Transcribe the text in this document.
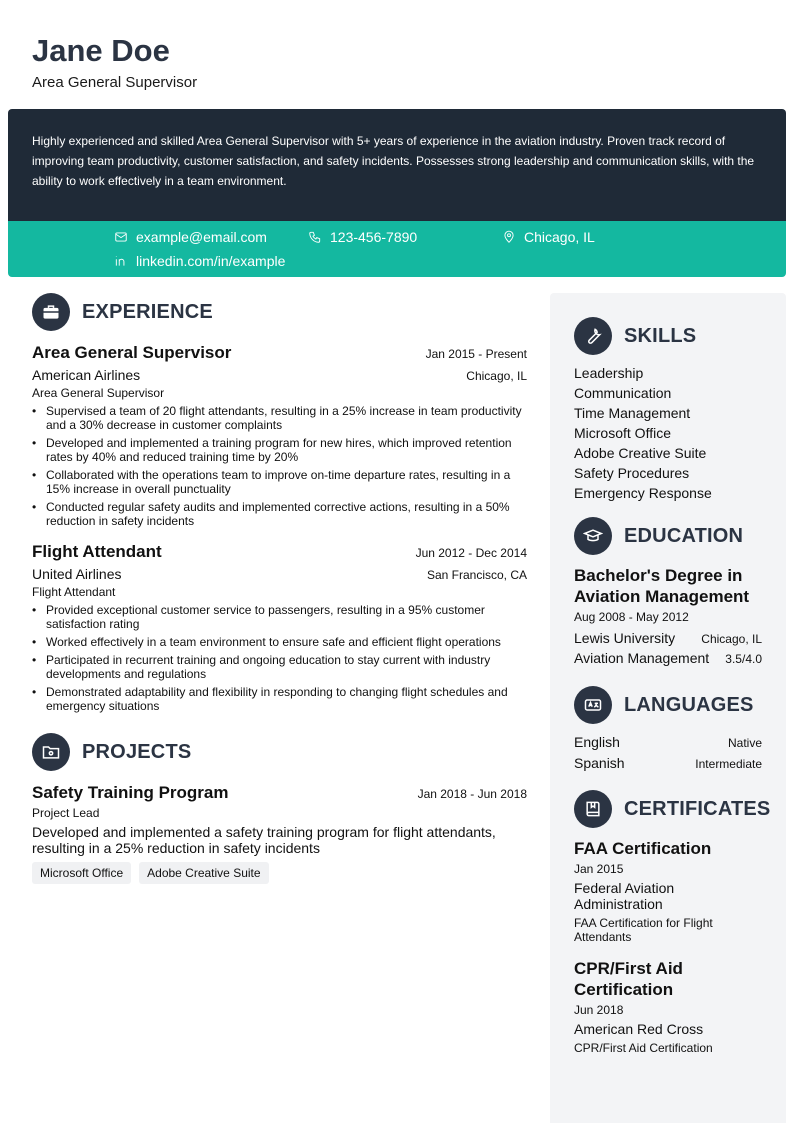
Jane Doe
Area General Supervisor

Highly experienced and skilled Area General Supervisor with 5+ years of experience in the aviation industry. Proven track record of improving team productivity, customer satisfaction, and safety incidents. Possesses strong leadership and communication skills, with the ability to work effectively in a team environment.

example@email.com	123-456-7890	Chicago, IL
linkedin.com/in/example
EXPERIENCE
Area General Supervisor	Jan 2015 - Present
American Airlines	Chicago, IL
Area General Supervisor
• Supervised a team of 20 flight attendants, resulting in a 25% increase in team productivity and a 30% decrease in customer complaints
• Developed and implemented a training program for new hires, which improved retention rates by 40% and reduced training time by 20%
• Collaborated with the operations team to improve on-time departure rates, resulting in a 15% increase in overall punctuality
• Conducted regular safety audits and implemented corrective actions, resulting in a 50% reduction in safety incidents
Flight Attendant	Jun 2012 - Dec 2014
United Airlines	San Francisco, CA
Flight Attendant
• Provided exceptional customer service to passengers, resulting in a 95% customer satisfaction rating
• Worked effectively in a team environment to ensure safe and efficient flight operations
• Participated in recurrent training and ongoing education to stay current with industry developments and regulations
• Demonstrated adaptability and flexibility in responding to changing flight schedules and emergency situations
PROJECTS
Safety Training Program	Jan 2018 - Jun 2018
Project Lead
Developed and implemented a safety training program for flight attendants, resulting in a 25% reduction in safety incidents
Microsoft Office	Adobe Creative Suite
SKILLS
Leadership
Communication
Time Management
Microsoft Office
Adobe Creative Suite
Safety Procedures
Emergency Response
EDUCATION
Bachelor's Degree in Aviation Management
Aug 2008 - May 2012
Lewis University Chicago, IL
Aviation Management 3.5/4.0
LANGUAGES
English	Native
Spanish	Intermediate
CERTIFICATES
FAA Certification
Jan 2015
Federal Aviation Administration
FAA Certification for Flight Attendants
CPR/First Aid Certification
Jun 2018
American Red Cross
CPR/First Aid Certification
